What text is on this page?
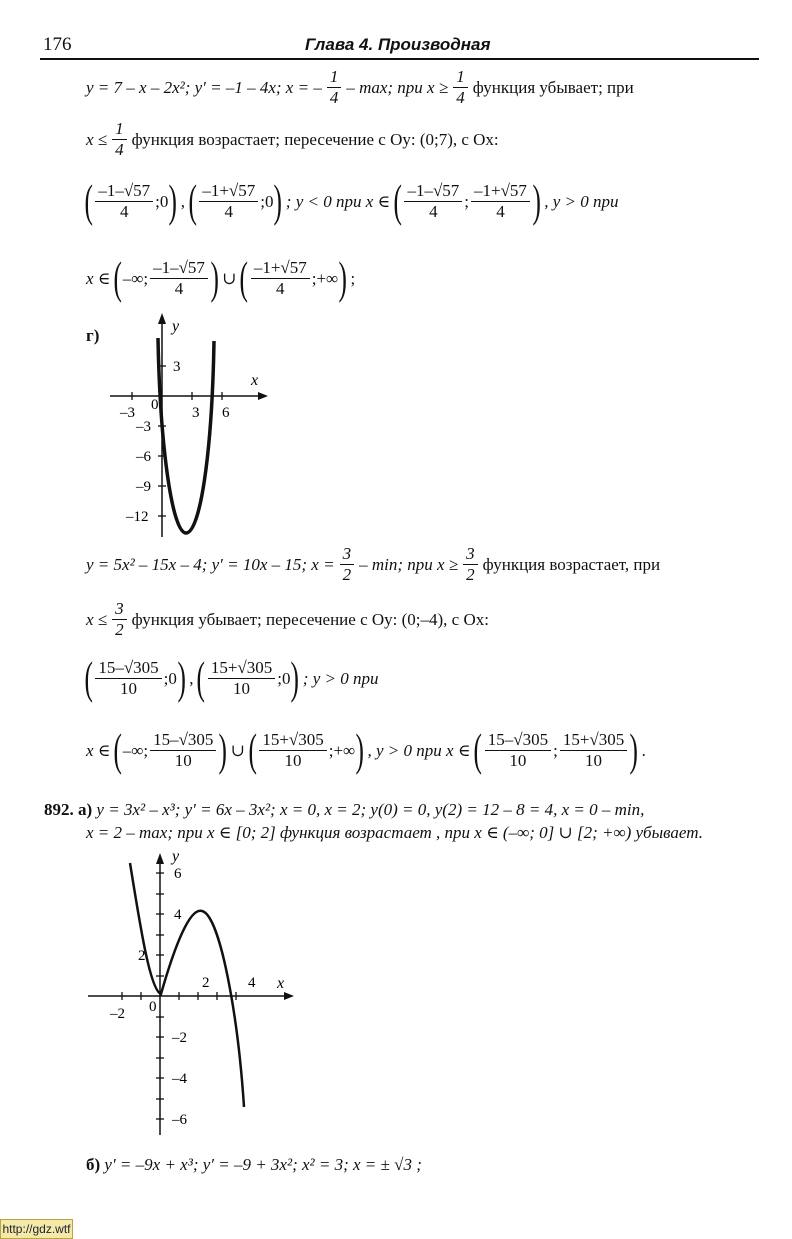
176	Глава 4. Производная
y = 7 – x – 2x²; y′ = –1 – 4x; x = – $\frac{1}{4}$ – max; при $x \ge \frac{1}{4}$ функция убывает; при
$x \le \frac{1}{4}$ функция возрастает; пересечение с Oy: (0;7), с Ox:
( $\frac{-1-√57}{4}$ ;0 ) , ( $\frac{-1+√57}{4}$ ;0 ) ; y < 0 при x ∈ ( $\frac{-1-√57}{4}$ ; $\frac{-1+√57}{4}$ ) , y > 0 при
x ∈ ( –∞; $\frac{-1-√57}{4}$ ) ∪ ( $\frac{-1+√57}{4}$ ;+∞ ) ;
г)
x
y
–3 0 3 6
3
–3
–6
–9
–12
y = 5x² – 15x – 4; y′ = 10x – 15; $x = \frac{3}{2} - \min$; при $x \ge \frac{3}{2}$ функция возрастает, при
$x \le \frac{3}{2}$ функция убывает; пересечение с Oy: (0;–4), с Ox:
( $\frac{15-√305}{10}$ ;0 ) , ( $\frac{15+√305}{10}$ ;0 ) ; y > 0 при
x ∈ ( –∞; $\frac{15-√305}{10}$ ) ∪ ( $\frac{15+√305}{10}$ ;+∞ ) , y > 0 при x ∈ ( $\frac{15-√305}{10}$ ; $\frac{15+√305}{10}$ ) .
892. а) y = 3x² – x³; y′ = 6x – 3x²; x = 0, x = 2; y(0) = 0, y(2) = 12 – 8 = 4, x = 0 – min,
x = 2 – max; при x ∈ [0; 2] функция возрастает , при x ∈ (–∞; 0] ∪ [2; +∞) убывает.
x
y
–2 0
2	4
6
4
2
–2
–4
–6
б) y′ = –9x + x³; y′ = –9 + 3x²; x² = 3; x = ± √3 ;
http://gdz.wtf
